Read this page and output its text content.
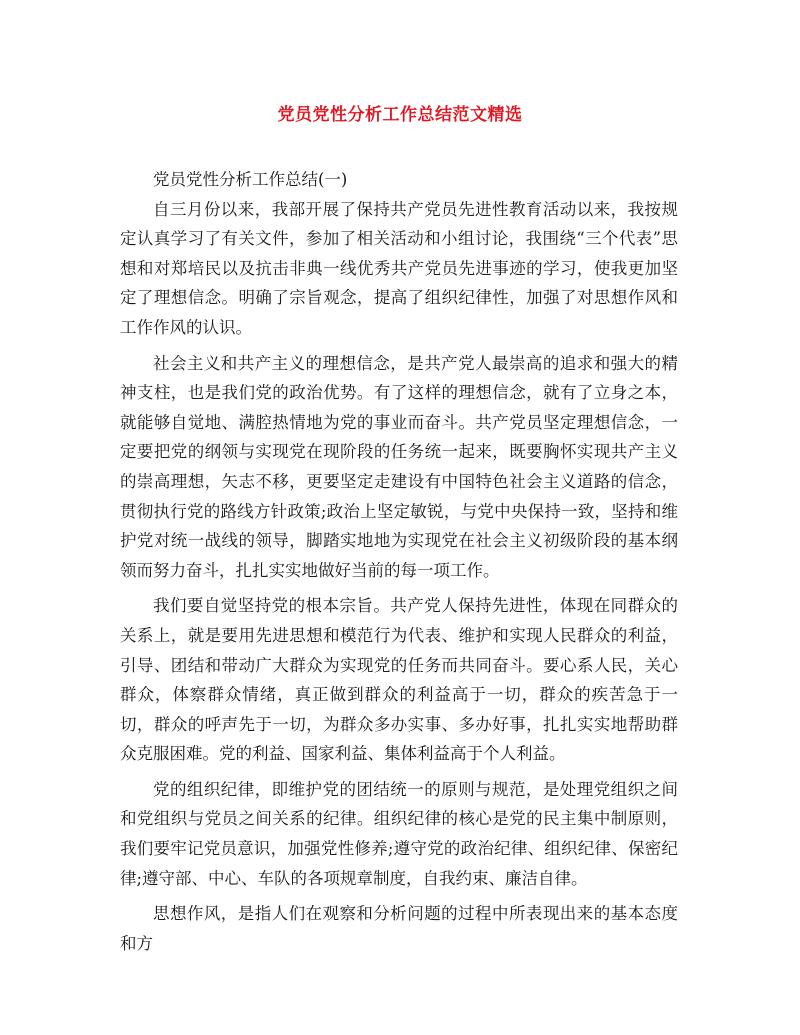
党员党性分析工作总结范文精选

党员党性分析工作总结(一)

自三月份以来，我部开展了保持共产党员先进性教育活动以来，我按规定认真学习了有关文件，参加了相关活动和小组讨论，我围绕“三个代表”思想和对郑培民以及抗击非典一线优秀共产党员先进事迹的学习，使我更加坚定了理想信念。明确了宗旨观念，提高了组织纪律性，加强了对思想作风和工作作风的认识。

社会主义和共产主义的理想信念，是共产党人最崇高的追求和强大的精神支柱，也是我们党的政治优势。有了这样的理想信念，就有了立身之本，就能够自觉地、满腔热情地为党的事业而奋斗。共产党员坚定理想信念，一定要把党的纲领与实现党在现阶段的任务统一起来，既要胸怀实现共产主义的崇高理想，矢志不移，更要坚定走建设有中国特色社会主义道路的信念，贯彻执行党的路线方针政策;政治上坚定敏锐，与党中央保持一致，坚持和维护党对统一战线的领导，脚踏实地地为实现党在社会主义初级阶段的基本纲领而努力奋斗，扎扎实实地做好当前的每一项工作。

我们要自觉坚持党的根本宗旨。共产党人保持先进性，体现在同群众的关系上，就是要用先进思想和模范行为代表、维护和实现人民群众的利益，引导、团结和带动广大群众为实现党的任务而共同奋斗。要心系人民，关心群众，体察群众情绪，真正做到群众的利益高于一切，群众的疾苦急于一切，群众的呼声先于一切，为群众多办实事、多办好事，扎扎实实地帮助群众克服困难。党的利益、国家利益、集体利益高于个人利益。

党的组织纪律，即维护党的团结统一的原则与规范，是处理党组织之间和党组织与党员之间关系的纪律。组织纪律的核心是党的民主集中制原则，我们要牢记党员意识，加强党性修养;遵守党的政治纪律、组织纪律、保密纪律;遵守部、中心、车队的各项规章制度，自我约束、廉洁自律。

思想作风，是指人们在观察和分析问题的过程中所表现出来的基本态度和方
